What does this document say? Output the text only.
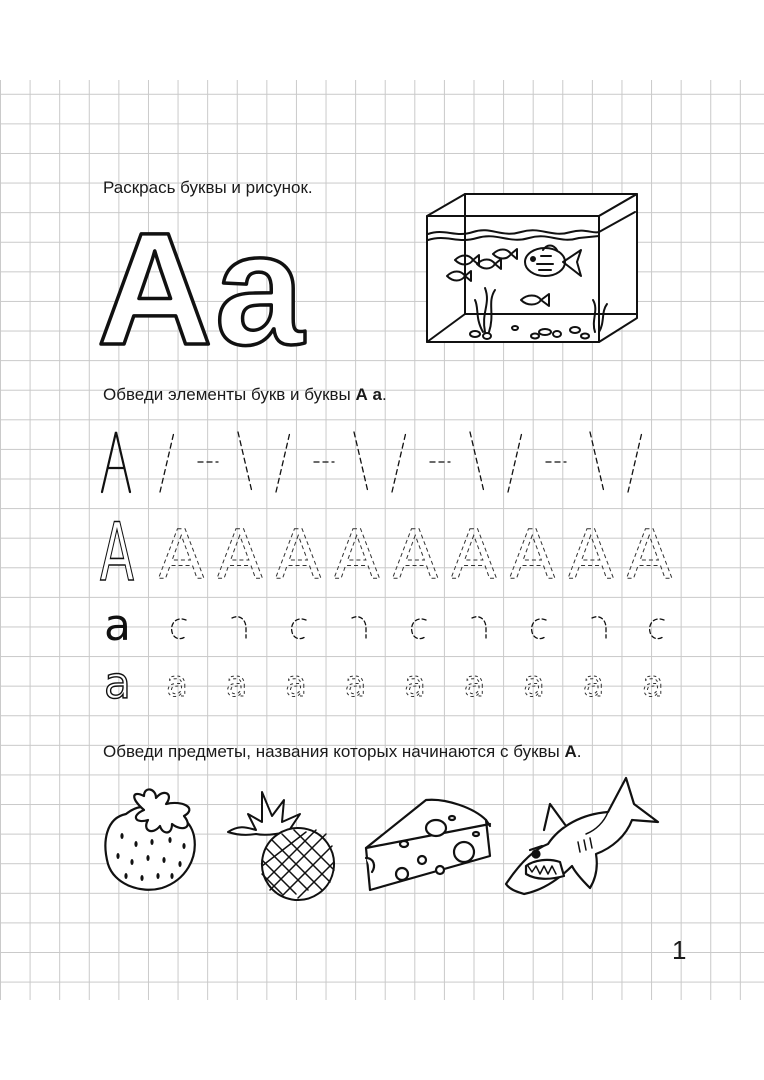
Раскрась буквы и рисунок.
А а
Обведи элементы букв и буквы А а.
А А А А А А А А А А
а
а а а а а а а а а а
Обведи предметы, названия которых начинаются с буквы А.
1
